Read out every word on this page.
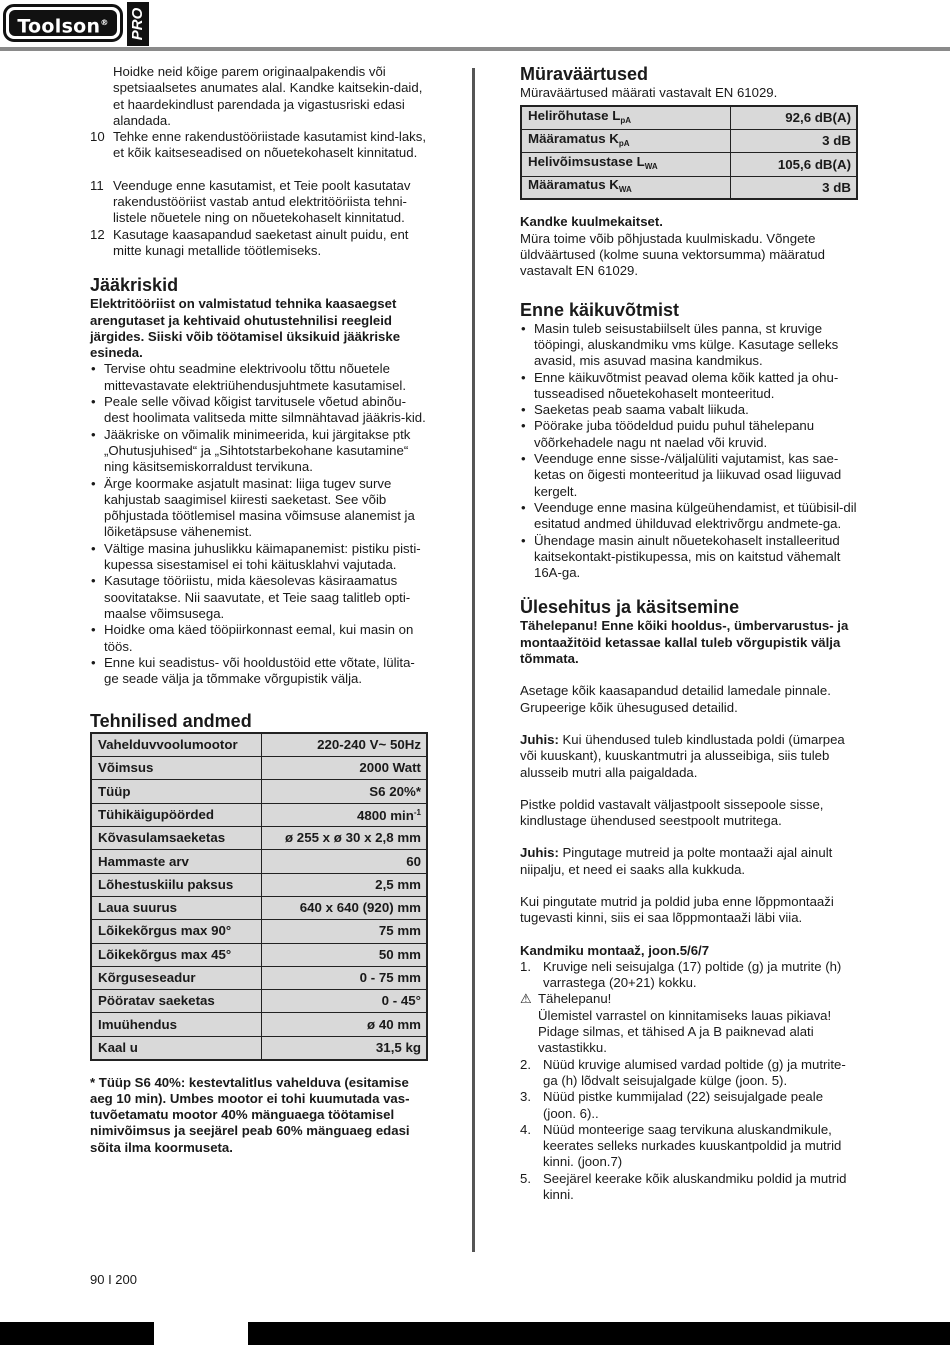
Toolson®	PRO

Hoidke neid kõige parem originaalpakendis või spetsiaalsetes anumates alal. Kandke kaitsekin-daid, et haardekindlust parendada ja vigastusriski edasi alandada.

10 Tehke enne rakendustööriistade kasutamist kind-laks, et kõik kaitseseadised on nõuetekohaselt kinnitatud.
11 Veenduge enne kasutamist, et Teie poolt kasutatav rakendustööriist vastab antud elektritööriista tehni-listele nõuetele ning on nõuetekohaselt kinnitatud.
12 Kasutage kaasapandud saeketast ainult puidu, ent mitte kunagi metallide töötlemiseks.
Jääkriskid

Elektritööriist on valmistatud tehnika kaasaegset arengutaset ja kehtivaid ohutustehnilisi reegleid järgides. Siiski võib töötamisel üksikuid jääkriske esineda.

• Tervise ohtu seadmine elektrivoolu tõttu nõuetele mittevastavate elektriühendusjuhtmete kasutamisel.
• Peale selle võivad kõigist tarvitusele võetud abinõu-dest hoolimata valitseda mitte silmnähtavad jääkris-kid.
• Jääkriske on võimalik minimeerida, kui järgitakse ptk „Ohutusjuhised“ ja „Sihtotstarbekohane kasutamine“ ning käsitsemiskorraldust tervikuna.
• Ärge koormake asjatult masinat: liiga tugev surve kahjustab saagimisel kiiresti saeketast. See võib põhjustada töötlemisel masina võimsuse alanemist ja lõiketäpsuse vähenemist.
• Vältige masina juhuslikku käimapanemist: pistiku pisti-kupessa sisestamisel ei tohi käitusklahvi vajutada.
• Kasutage tööriistu, mida käesolevas käsiraamatus soovitatakse. Nii saavutate, et Teie saag talitleb opti-maalse võimsusega.
• Hoidke oma käed tööpiirkonnast eemal, kui masin on töös.
• Enne kui seadistus- või hooldustöid ette võtate, lülita-ge seade välja ja tõmmake võrgupistik välja.
Tehnilised andmed
Vahelduvvoolumootor	220-240 V~ 50Hz
Võimsus	2000 Watt
Tüüp	S6 20%*
Tühikäigupöörded	4800 $\min^{-1}$
Kõvasulamsaeketas	ø 255 x ø 30 x 2,8 mm
Hammaste arv	60
Lõhestuskiilu paksus	2,5 mm
Laua suurus	640 x 640 (920) mm
Lõikekõrgus max 90°	75 mm
Lõikekõrgus max 45°	50 mm
Kõrguseseadur	0 - 75 mm
Pööratav saeketas	0 - 45°
Imuühendus	ø 40 mm
Kaal u	31,5 kg

* Tüüp S6 40%: kestevtalitlus vahelduva (esitamise aeg 10 min). Umbes mootor ei tohi kuumutada vas-tuvõetamatu mootor 40% mänguaega töötamisel nimivõimsus ja seejärel peab 60% mänguaeg edasi sõita ilma koormuseta.

Müraväärtused

Müraväärtused määrati vastavalt EN 61029.

Helirõhutase $L_{pA}$	92,6 dB(A)
Määramatus $K_{pA}$	3 dB
Helivõimsustase $L_{WA}$	105,6 dB(A)
Määramatus $K_{WA}$	3 dB

Kandke kuulmekaitset.

Müra toime võib põhjustada kuulmiskadu. Võngete üldväärtused (kolme suuna vektorsumma) määratud vastavalt EN 61029.

Enne käikuvõtmist
• Masin tuleb seisustabiilselt üles panna, st kruvige tööpingi, aluskandmiku vms külge. Kasutage selleks avasid, mis asuvad masina kandmikus.
• Enne käikuvõtmist peavad olema kõik katted ja ohu-tusseadised nõuetekohaselt monteeritud.
• Saeketas peab saama vabalt liikuda.
• Pöörake juba töödeldud puidu puhul tähelepanu võõrkehadele nagu nt naelad või kruvid.
• Veenduge enne sisse-/väljalüliti vajutamist, kas sae-ketas on õigesti monteeritud ja liikuvad osad liiguvad kergelt.
• Veenduge enne masina külgeühendamist, et tüübisil-dil esitatud andmed ühilduvad elektrivõrgu andmete-ga.
• Ühendage masin ainult nõuetekohaselt installeeritud kaitsekontakt-pistikupessa, mis on kaitstud vähemalt 16A-ga.
Ülesehitus ja käsitsemine

Tähelepanu! Enne kõiki hooldus-, ümbervarustus- ja montaažitöid ketassae kallal tuleb võrgupistik välja tõmmata.

Asetage kõik kaasapandud detailid lamedale pinnale. Grupeerige kõik ühesugused detailid.

Juhis: Kui ühendused tuleb kindlustada poldi (ümarpea või kuuskant), kuuskantmutri ja alusseibiga, siis tuleb alusseib mutri alla paigaldada.

Pistke poldid vastavalt väljastpoolt sissepoole sisse, kindlustage ühendused seestpoolt mutritega.

Juhis: Pingutage mutreid ja polte montaaži ajal ainult niipalju, et need ei saaks alla kukkuda.

Kui pingutate mutrid ja poldid juba enne lõppmontaaži tugevasti kinni, siis ei saa lõppmontaaži läbi viia.

Kandmiku montaaž, joon.5/6/7

1. Kruvige neli seisujalga (17) poltide (g) ja mutrite (h) varrastega (20+21) kokku.
⚠ Tähelepanu!
Ülemistel varrastel on kinnitamiseks lauas pikiava! Pidage silmas, et tähised A ja B paiknevad alati vastastikku.
2. Nüüd kruvige alumised vardad poltide (g) ja mutrite-ga (h) lõdvalt seisujalgade külge (joon. 5).
3. Nüüd pistke kummijalad (22) seisujalgade peale (joon. 6)..
4. Nüüd monteerige saag tervikuna aluskandmikule, keerates selleks nurkades kuuskantpoldid ja mutrid kinni. (joon.7)
5. Seejärel keerake kõik aluskandmiku poldid ja mutrid kinni.
90 I 200
